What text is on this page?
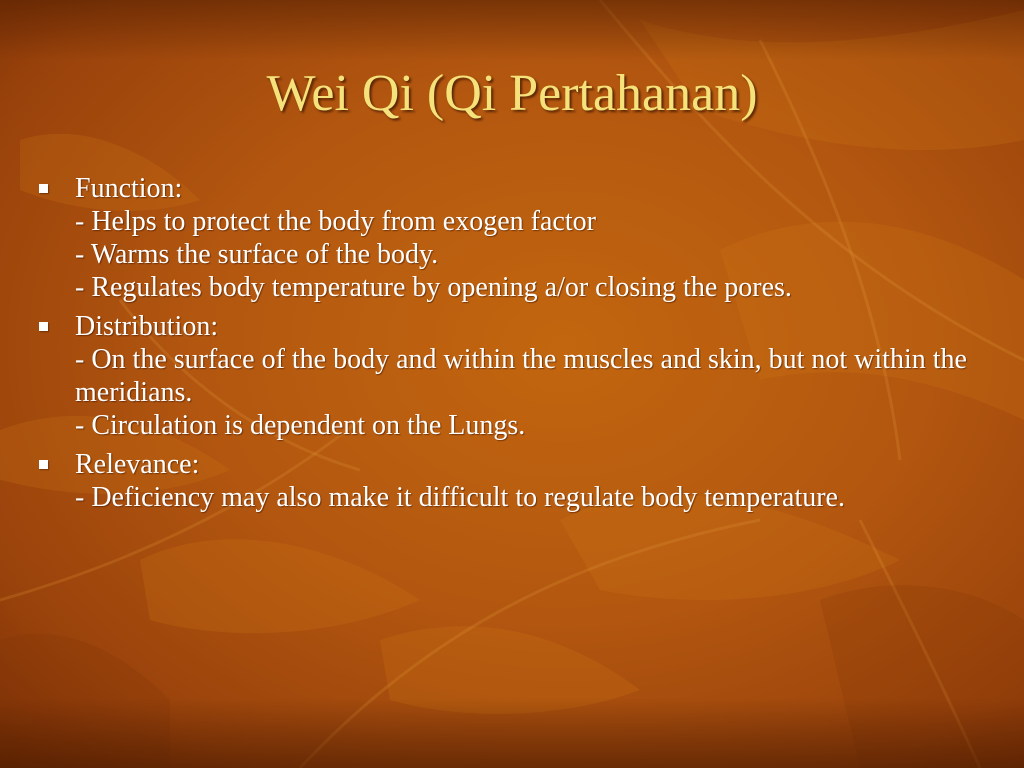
Wei Qi (Qi Pertahanan)
Function:
- Helps to protect the body from exogen factor
- Warms the surface of the body.
- Regulates body temperature by opening a/or closing the pores.
Distribution:
- On the surface of the body and within the muscles and skin, but not within the meridians.
- Circulation is dependent on the Lungs.
Relevance:
- Deficiency may also make it difficult to regulate body temperature.
